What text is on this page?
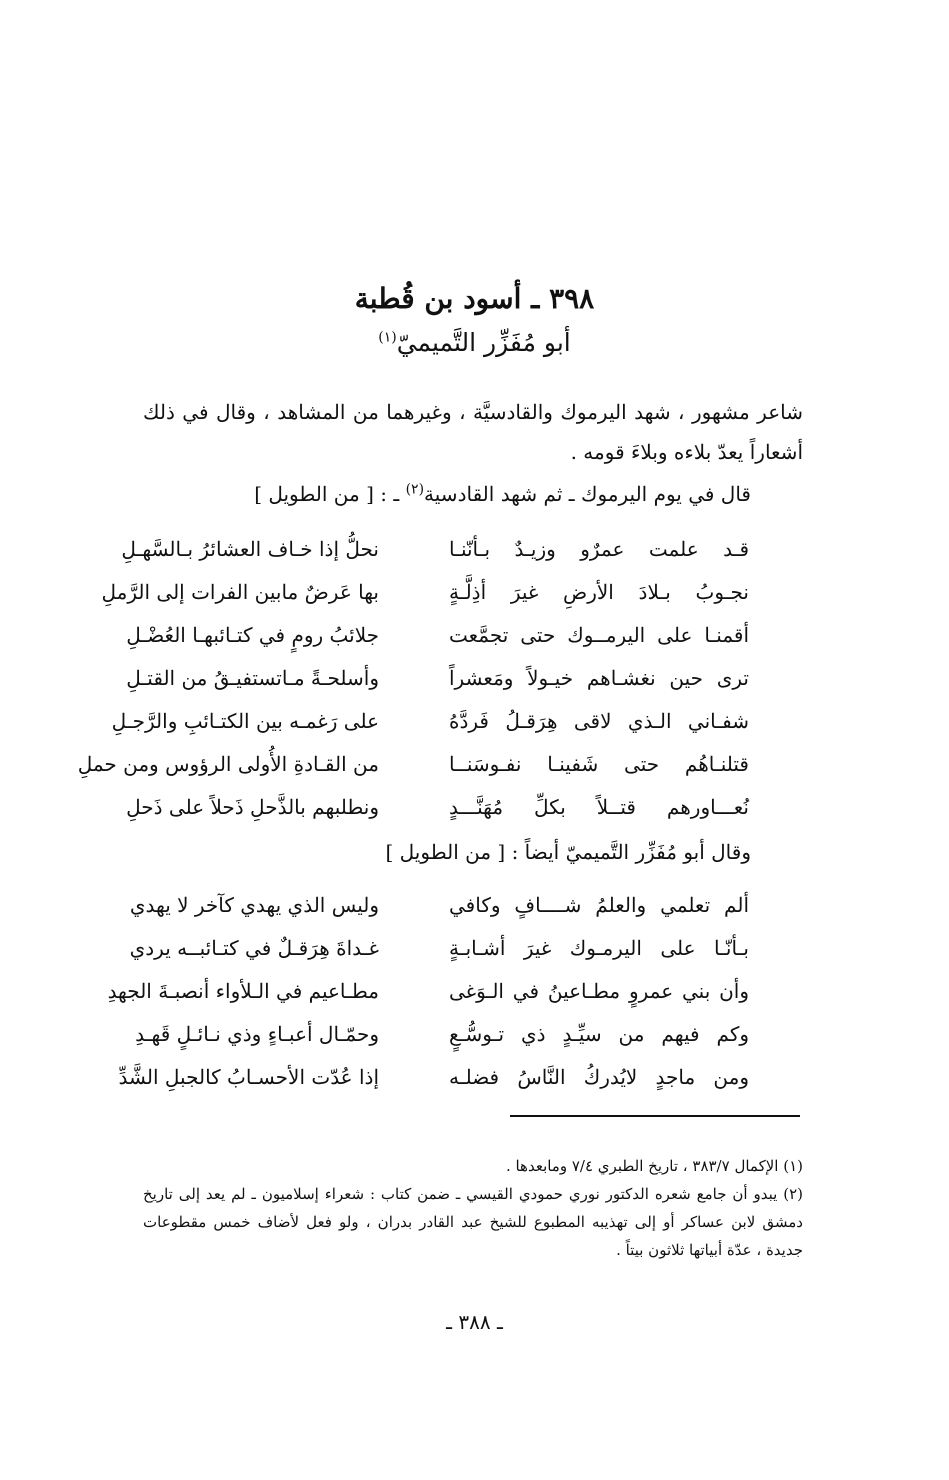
٣٩٨ ـ أسود بن قُطبة
أبو مُفَزِّر التَّميميّ$^{(١)}$
شاعر مشهور ، شهد اليرموك والقادسيَّة ، وغيرهما من المشاهد ، وقال في ذلك
أشعاراً يعدّ بلاءه وبلاءَ قومه .
قال في يوم اليرموك ـ ثم شهد القادسية$^{(٢)}$ ـ : [ من الطويل ]
قـد علمت عمرٌو وزيـدٌ بـأنّنـا
نحلُّ إذا خـاف العشائرُ بـالسَّهـلِ
نجـوبُ بـلادَ الأرضِ غيرَ أذِلَّـةٍ
بها عَرضٌ مابين الفرات إلى الرَّملِ
أقمنـا على اليرمــوك حتى تجمَّعت
جلائبُ رومٍ في كتـائبهـا العُضْـلِ
ترى حين نغشـاهم خيـولاً ومَعشراً
وأسلحـةً مـاتستفيـقُ من القتـلِ
شفـاني الـذي لاقى هِرَقـلُ فَردَّهُ
على رَغمـه بين الكتـائبِ والرَّجـلِ
قتلنـاهُم حتى شَفينـا نفـوسَنــا
من القـادةِ الأُولى الرؤوس ومن حملِ
نُعـــاورهم قتــلاً بكلِّ مُهَنَّـــدٍ
ونطلبهم بالذَّحلِ ذَحلاً على ذَحلِ
وقال أبو مُفَزِّر التَّميميّ أيضاً : [ من الطويل ]
ألم تعلمي والعلمُ شــــافٍ وكافي
وليس الذي يهدي كآخر لا يهدي
بـأنّـا على اليرمـوك غيرَ أشـابـةٍ
غـداةَ هِرَقـلٌ في كتـائبــه يردي
وأن بني عمروٍ مطـاعينُ في الـوَغى
مطـاعيم في الـلأواء أنصبـةَ الجهدِ
وكم فيهم من سيِّـدٍ ذي تـوسُّـعٍ
وحمّـال أعبـاءٍ وذي نـائـلٍ قَهـدِ
ومن ماجدٍ لايُدركُ النَّاسُ فضلـه
إذا عُدّت الأحسـابُ كالجبلِ الشَّدِّ
(١) الإكمال ٣٨٣/٧ ، تاريخ الطبري ٧/٤ ومابعدها .
(٢) يبدو أن جامع شعره الدكتور نوري حمودي القيسي ـ ضمن كتاب : شعراء إسلاميون ـ لم يعد إلى تاريخ دمشق لابن عساكر أو إلى تهذيبه المطبوع للشيخ عبد القادر بدران ، ولو فعل لأضاف خمس مقطوعات جديدة ، عدّة أبياتها ثلاثون بيتاً .
ـ ٣٨٨ ـ
